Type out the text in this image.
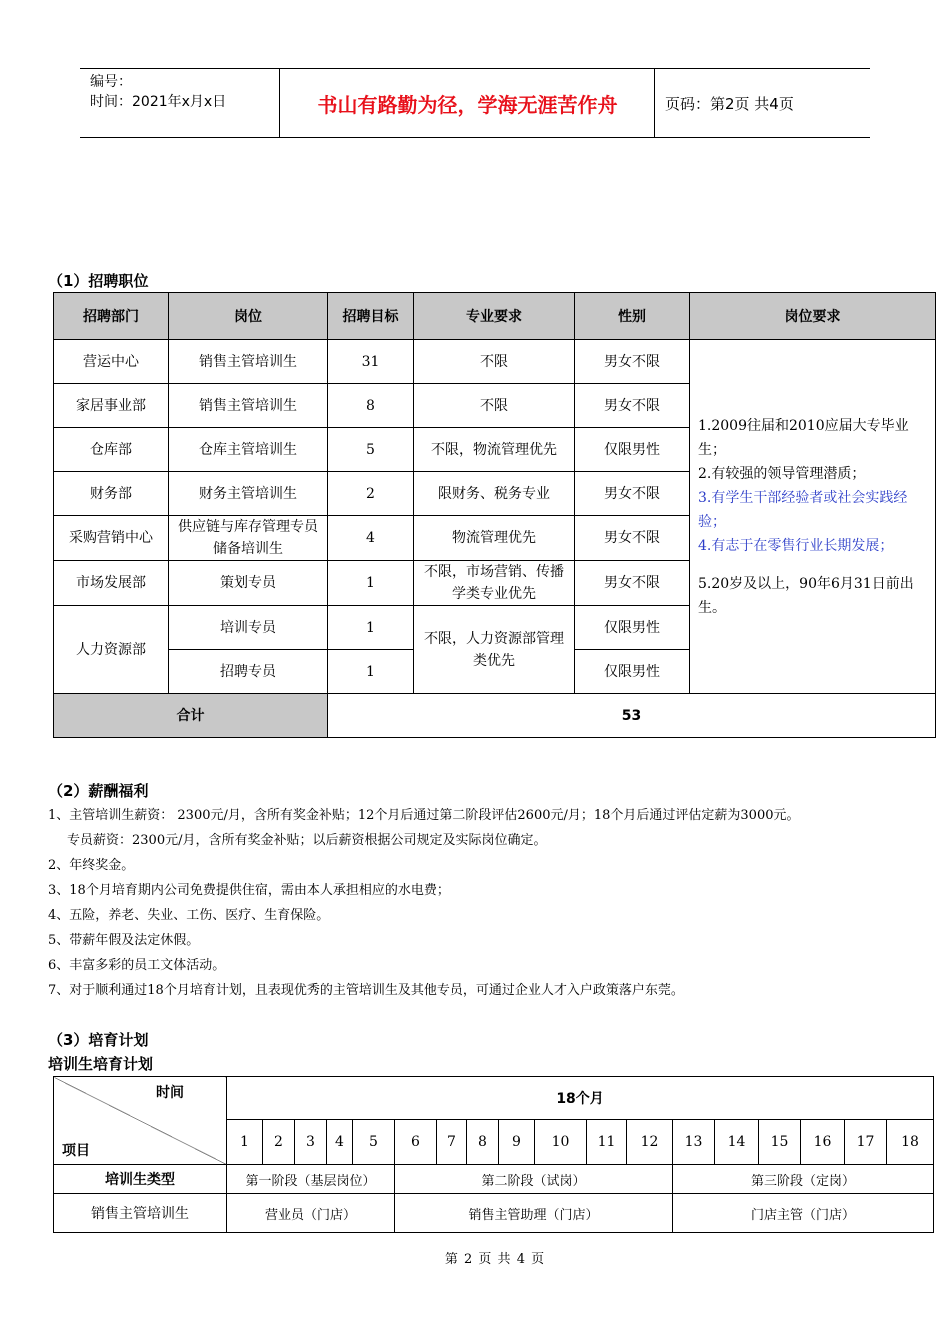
编号：
时间：2021年x月x日	书山有路勤为径，学海无涯苦作舟	页码：第2页 共4页
（1）招聘职位
招聘部门	岗位	招聘目标	专业要求	性别	岗位要求
营运中心	销售主管培训生	31	不限	男女不限	1.2009往届和2010应届大专毕业生；
2.有较强的领导管理潜质；
3.有学生干部经验者或社会实践经验；
4.有志于在零售行业长期发展；
5.20岁及以上，90年6月31日前出生。

家居事业部	销售主管培训生	8	不限	男女不限	
仓库部	仓库主管培训生	5	不限，物流管理优先	仅限男性	
财务部	财务主管培训生	2	限财务、税务专业	男女不限	
采购营销中心	供应链与库存管理专员储备培训生	4	物流管理优先	男女不限	
市场发展部	策划专员	1	不限，市场营销、传播学类专业优先	男女不限	
人力资源部	培训专员	1	不限，人力资源部管理类优先	仅限男性	
	招聘专员	1		仅限男性	
合计		53			
（2）薪酬福利
1、主管培训生薪资： 2300元/月，含所有奖金补贴；12个月后通过第二阶段评估2600元/月；18个月后通过评估定薪为3000元。
专员薪资：2300元/月，含所有奖金补贴；以后薪资根据公司规定及实际岗位确定。
2、年终奖金。
3、18个月培育期内公司免费提供住宿，需由本人承担相应的水电费；
4、五险，养老、失业、工伤、医疗、生育保险。
5、带薪年假及法定休假。
6、丰富多彩的员工文体活动。
7、对于顺利通过18个月培育计划，且表现优秀的主管培训生及其他专员，可通过企业人才入户政策落户东莞。
（3）培育计划
培训生培育计划
时间
项目	18个月																	
	1	2	3	4	5	6	7	8	9	10	11	12	13	14	15	16	17	18
培训生类型	第一阶段（基层岗位）					第二阶段（试岗）							第三阶段（定岗）					
销售主管培训生	营业员（门店）					销售主管助理（门店）							门店主管（门店）					
第 2 页 共 4 页
